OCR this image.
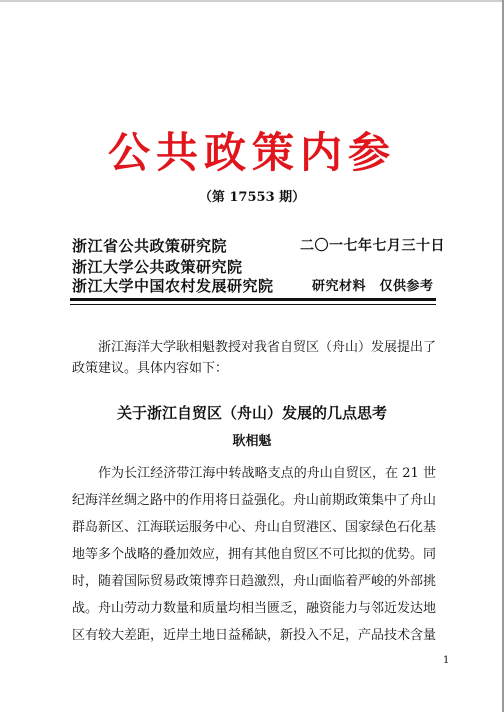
公共政策内参
（第 17553 期）
浙江省公共政策研究院
浙江大学公共政策研究院
浙江大学中国农村发展研究院
二〇一七年七月三十日
研究材料　仅供参考
浙江海洋大学耿相魁教授对我省自贸区（舟山）发展提出了政策建议。具体内容如下：
关于浙江自贸区（舟山）发展的几点思考
耿相魁
作为长江经济带江海中转战略支点的舟山自贸区，在 21 世纪海洋丝绸之路中的作用将日益强化。舟山前期政策集中了舟山群岛新区、江海联运服务中心、舟山自贸港区、国家绿色石化基地等多个战略的叠加效应，拥有其他自贸区不可比拟的优势。同时，随着国际贸易政策博弈日趋激烈，舟山面临着严峻的外部挑战。舟山劳动力数量和质量均相当匮乏，融资能力与邻近发达地区有较大差距，近岸土地日益稀缺，新投入不足，产品技术含量
1
